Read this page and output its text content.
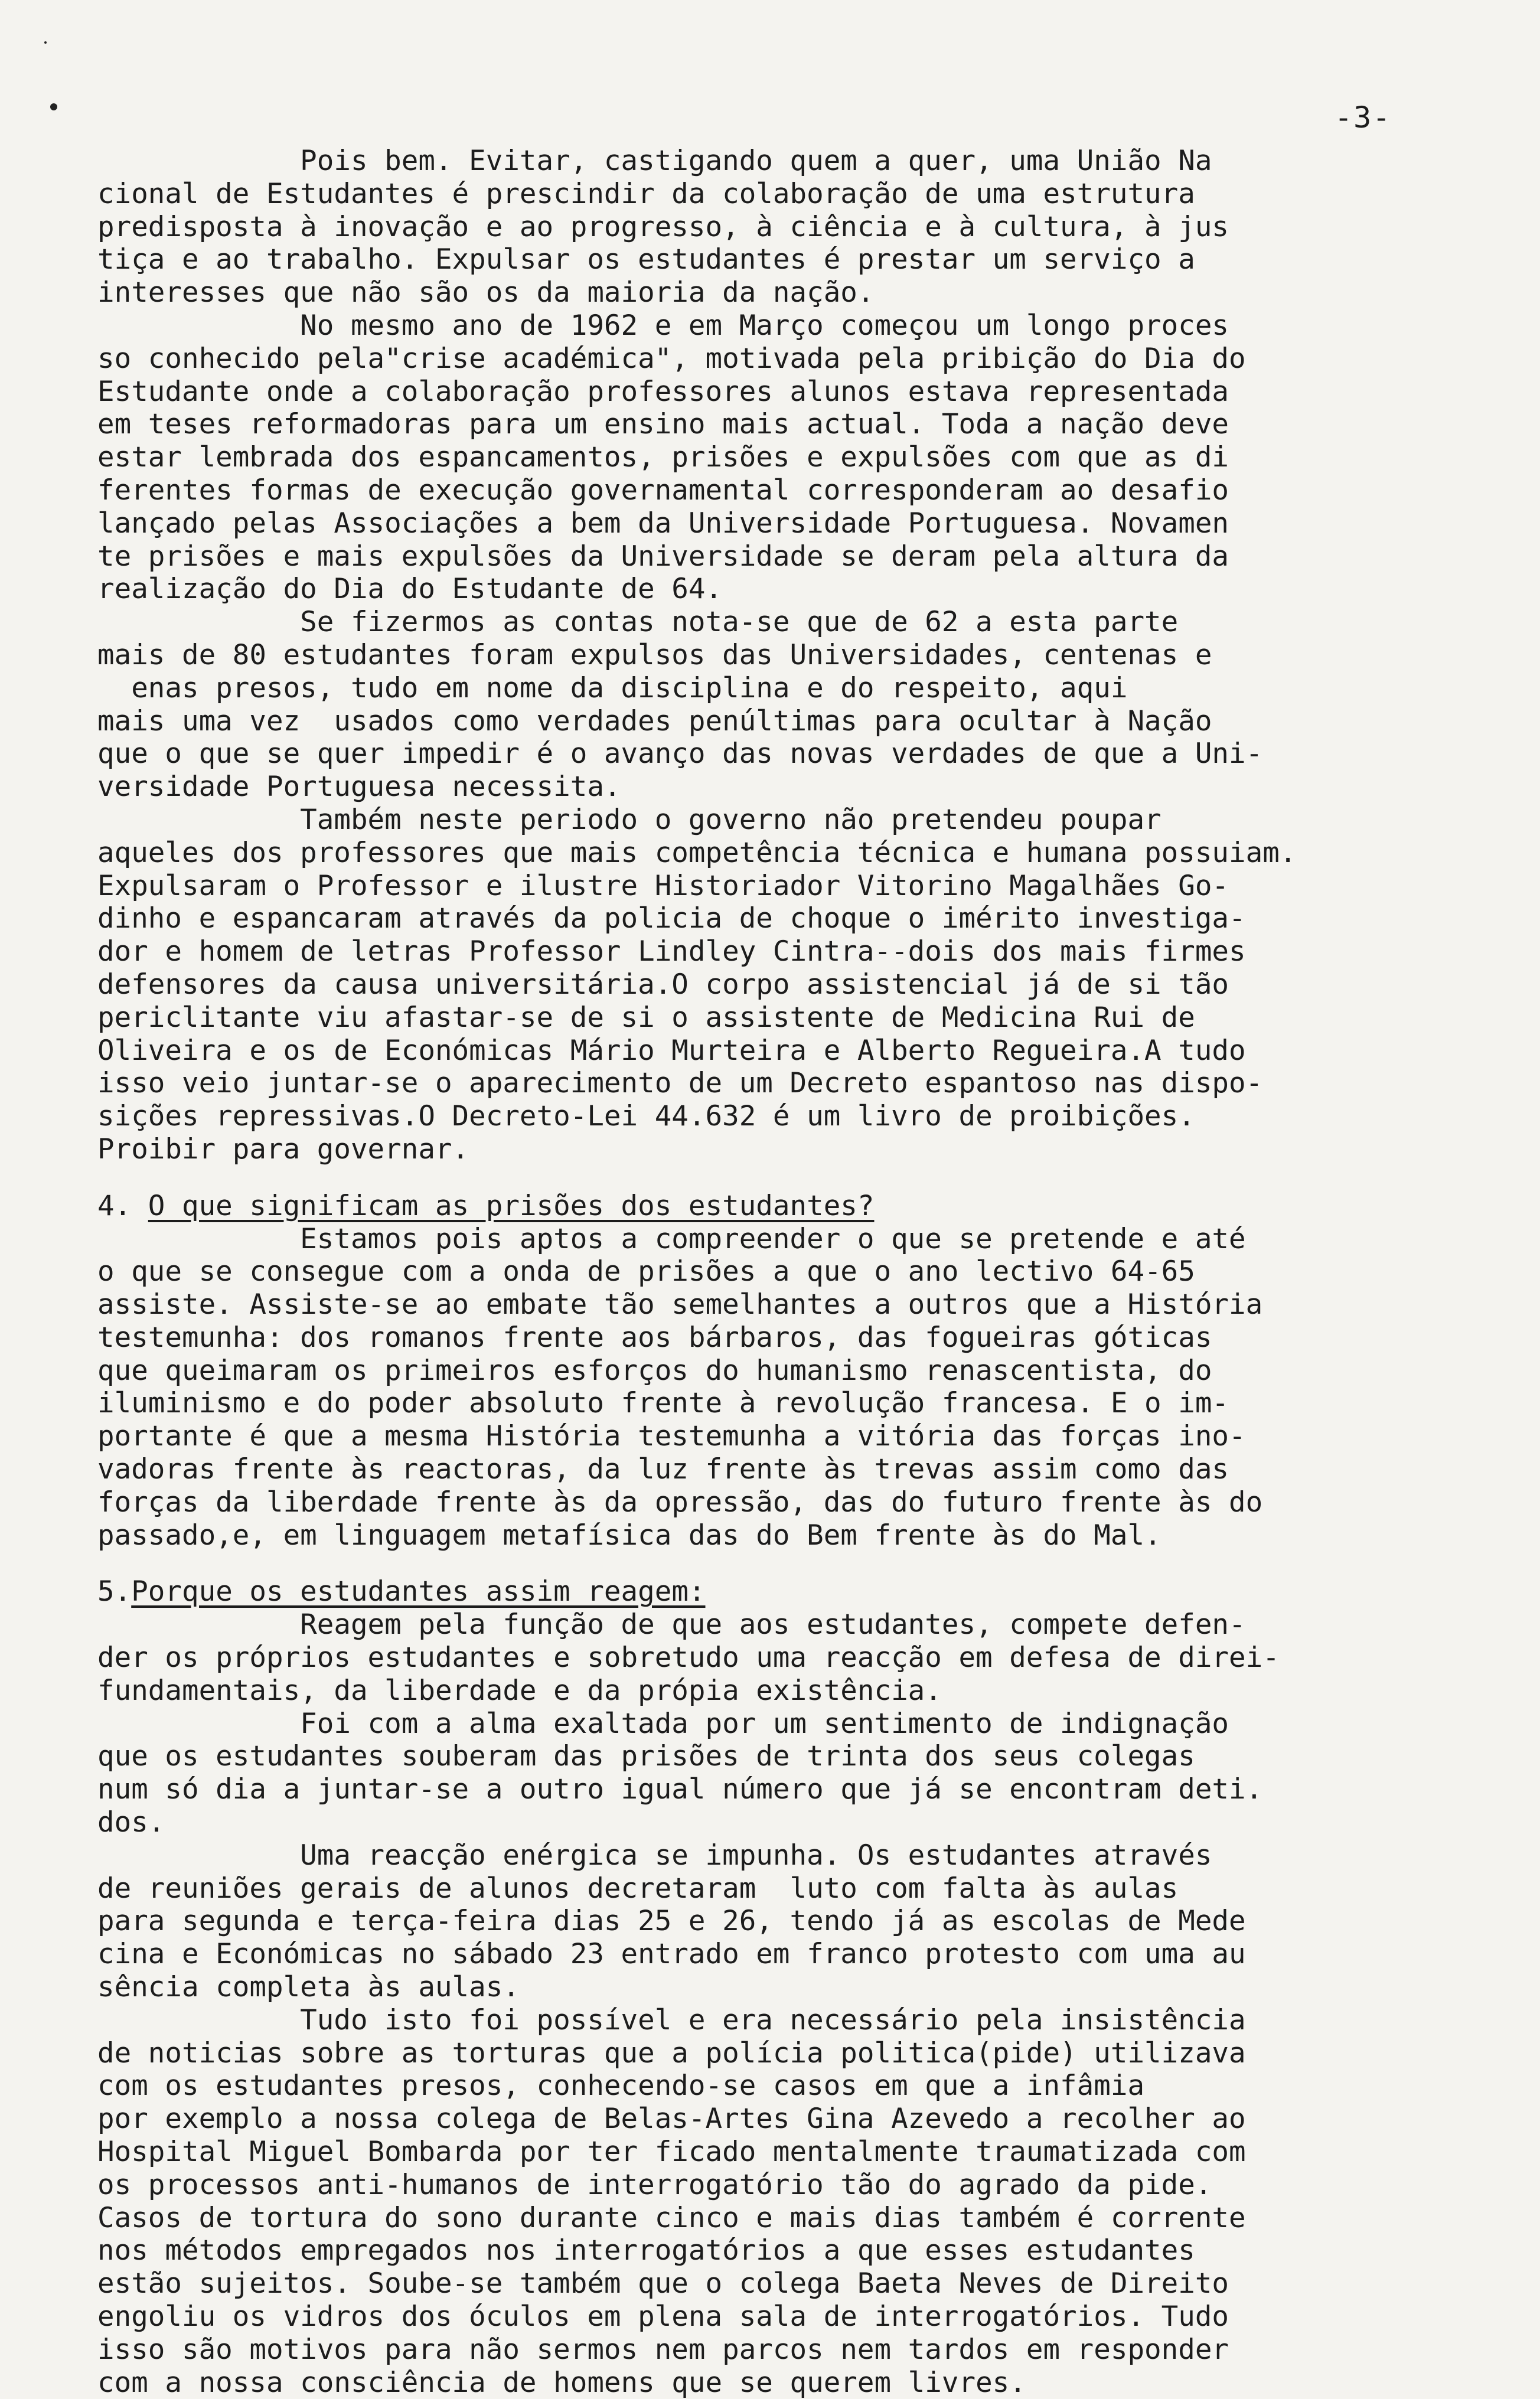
-3-
Pois bem. Evitar, castigando quem a quer, uma União Na
cional de Estudantes é prescindir da colaboração de uma estrutura
predisposta à inovação e ao progresso, à ciência e à cultura, à jus
tiça e ao trabalho. Expulsar os estudantes é prestar um serviço a
interesses que não são os da maioria da nação.
No mesmo ano de 1962 e em Março começou um longo proces
so conhecido pela"crise académica", motivada pela pribição do Dia do
Estudante onde a colaboração professores alunos estava representada
em teses reformadoras para um ensino mais actual. Toda a nação deve
estar lembrada dos espancamentos, prisões e expulsões com que as di
ferentes formas de execução governamental corresponderam ao desafio
lançado pelas Associações a bem da Universidade Portuguesa. Novamen
te prisões e mais expulsões da Universidade se deram pela altura da
realização do Dia do Estudante de 64.
Se fizermos as contas nota-se que de 62 a esta parte
mais de 80 estudantes foram expulsos das Universidades, centenas e
enas presos, tudo em nome da disciplina e do respeito, aqui
mais uma vez  usados como verdades penúltimas para ocultar à Nação
que o que se quer impedir é o avanço das novas verdades de que a Uni-
versidade Portuguesa necessita.
Também neste periodo o governo não pretendeu poupar
aqueles dos professores que mais competência técnica e humana possuiam.
Expulsaram o Professor e ilustre Historiador Vitorino Magalhães Go-
dinho e espancaram através da policia de choque o imérito investiga-
dor e homem de letras Professor Lindley Cintra--dois dos mais firmes
defensores da causa universitária.O corpo assistencial já de si tão
periclitante viu afastar-se de si o assistente de Medicina Rui de
Oliveira e os de Económicas Mário Murteira e Alberto Regueira.A tudo
isso veio juntar-se o aparecimento de um Decreto espantoso nas dispo-
sições repressivas.O Decreto-Lei 44.632 é um livro de proibições.
Proibir para governar.
4. O que significam as prisões dos estudantes?
Estamos pois aptos a compreender o que se pretende e até
o que se consegue com a onda de prisões a que o ano lectivo 64-65
assiste. Assiste-se ao embate tão semelhantes a outros que a História
testemunha: dos romanos frente aos bárbaros, das fogueiras góticas
que queimaram os primeiros esforços do humanismo renascentista, do
iluminismo e do poder absoluto frente à revolução francesa. E o im-
portante é que a mesma História testemunha a vitória das forças ino-
vadoras frente às reactoras, da luz frente às trevas assim como das
forças da liberdade frente às da opressão, das do futuro frente às do
passado,e, em linguagem metafísica das do Bem frente às do Mal.
5.Porque os estudantes assim reagem:
Reagem pela função de que aos estudantes, compete defen-
der os próprios estudantes e sobretudo uma reacção em defesa de direi-
fundamentais, da liberdade e da própia existência.
Foi com a alma exaltada por um sentimento de indignação
que os estudantes souberam das prisões de trinta dos seus colegas
num só dia a juntar-se a outro igual número que já se encontram deti.
dos.
Uma reacção enérgica se impunha. Os estudantes através
de reuniões gerais de alunos decretaram  luto com falta às aulas
para segunda e terça-feira dias 25 e 26, tendo já as escolas de Mede
cina e Económicas no sábado 23 entrado em franco protesto com uma au
sência completa às aulas.
Tudo isto foi possível e era necessário pela insistência
de noticias sobre as torturas que a polícia politica(pide) utilizava
com os estudantes presos, conhecendo-se casos em que a infâmia
por exemplo a nossa colega de Belas-Artes Gina Azevedo a recolher ao
Hospital Miguel Bombarda por ter ficado mentalmente traumatizada com
os processos anti-humanos de interrogatório tão do agrado da pide.
Casos de tortura do sono durante cinco e mais dias também é corrente
nos métodos empregados nos interrogatórios a que esses estudantes
estão sujeitos. Soube-se também que o colega Baeta Neves de Direito
engoliu os vidros dos óculos em plena sala de interrogatórios. Tudo
isso são motivos para não sermos nem parcos nem tardos em responder
com a nossa consciência de homens que se querem livres.
